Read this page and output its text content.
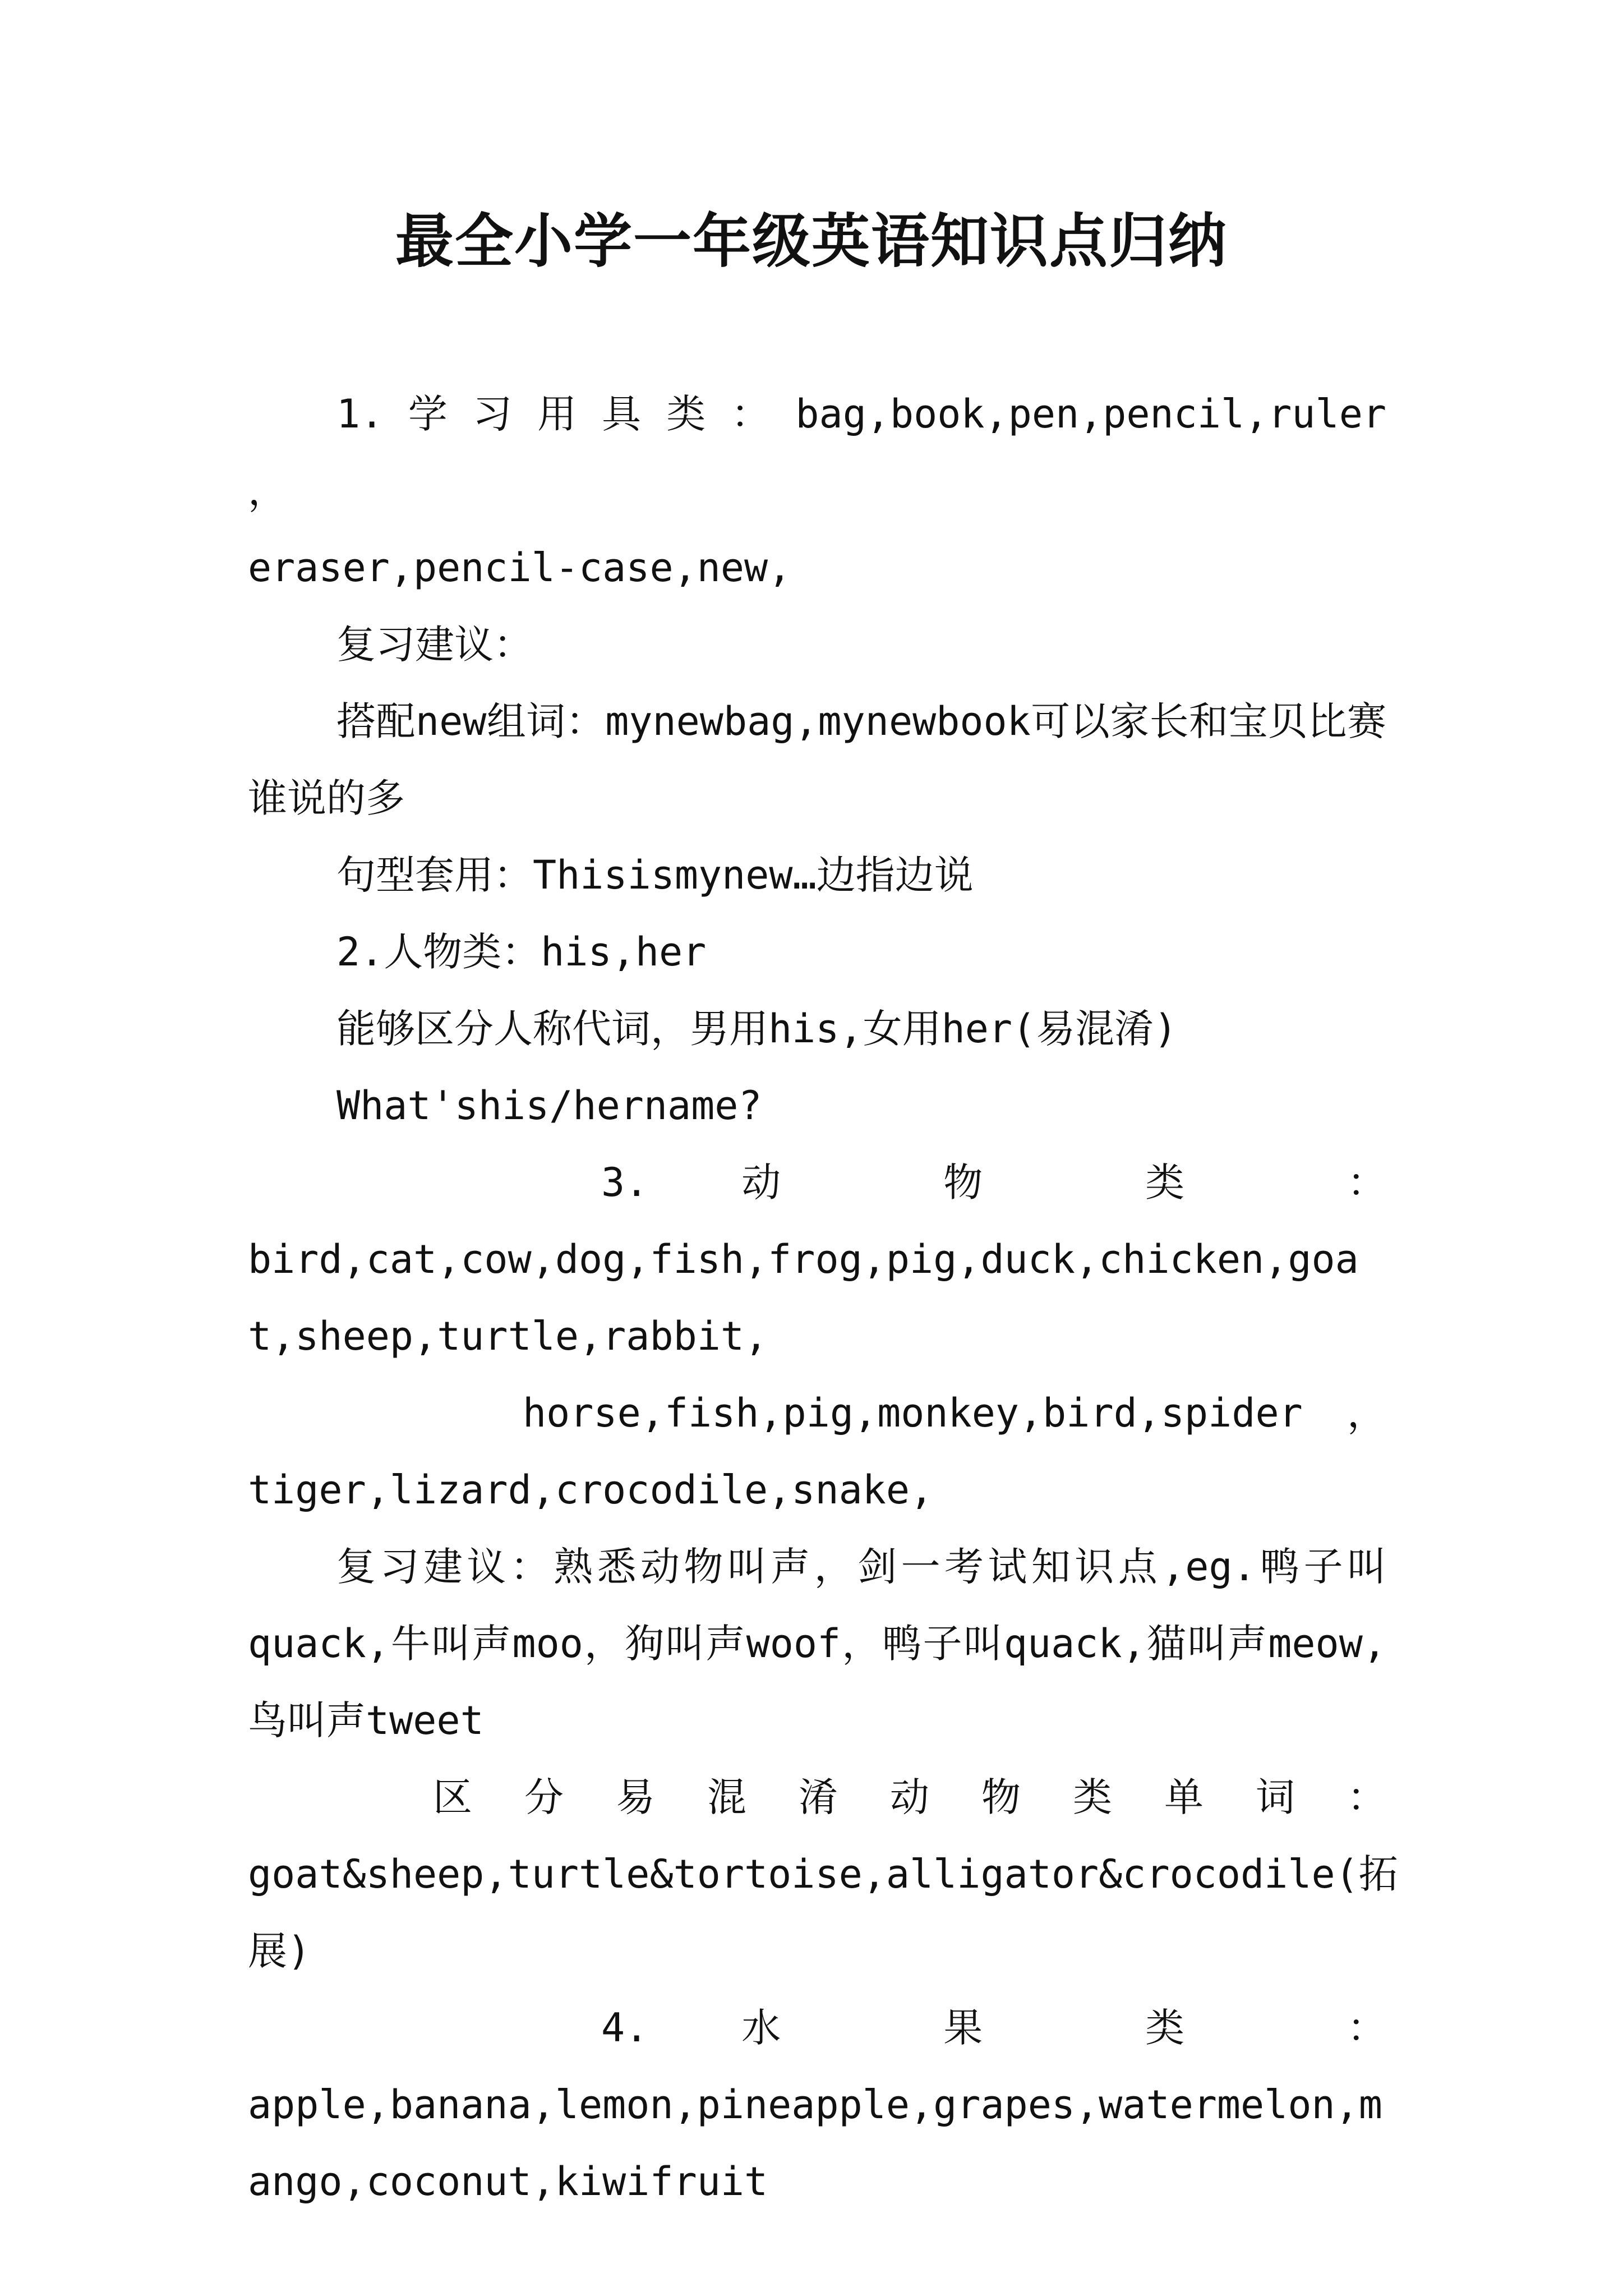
最全小学一年级英语知识点归纳

1. 学 习 用 具 类 ： bag,book,pen,pencil,ruler ，

eraser,pencil-case,new,

复习建议：

搭配new组词：mynewbag,mynewbook可以家长和宝贝比赛谁说的多

句型套用：Thisismynew…边指边说

2.人物类：his,her

能够区分人称代词，男用his,女用her(易混淆)

What'shis/hername?

3. 动 物 类 ：

bird,cat,cow,dog,fish,frog,pig,duck,chicken,goat,sheep,turtle,rabbit,

horse,fish,pig,monkey,bird,spider ，

tiger,lizard,crocodile,snake,

复习建议：熟悉动物叫声，剑一考试知识点,eg.鸭子叫quack,牛叫声moo，狗叫声woof，鸭子叫quack,猫叫声meow,鸟叫声tweet

区 分 易 混 淆 动 物 类 单 词 ：

goat&sheep,turtle&tortoise,alligator&crocodile(拓展)

4. 水 果 类 ：

apple,banana,lemon,pineapple,grapes,watermelon,mango,coconut,kiwifruit
